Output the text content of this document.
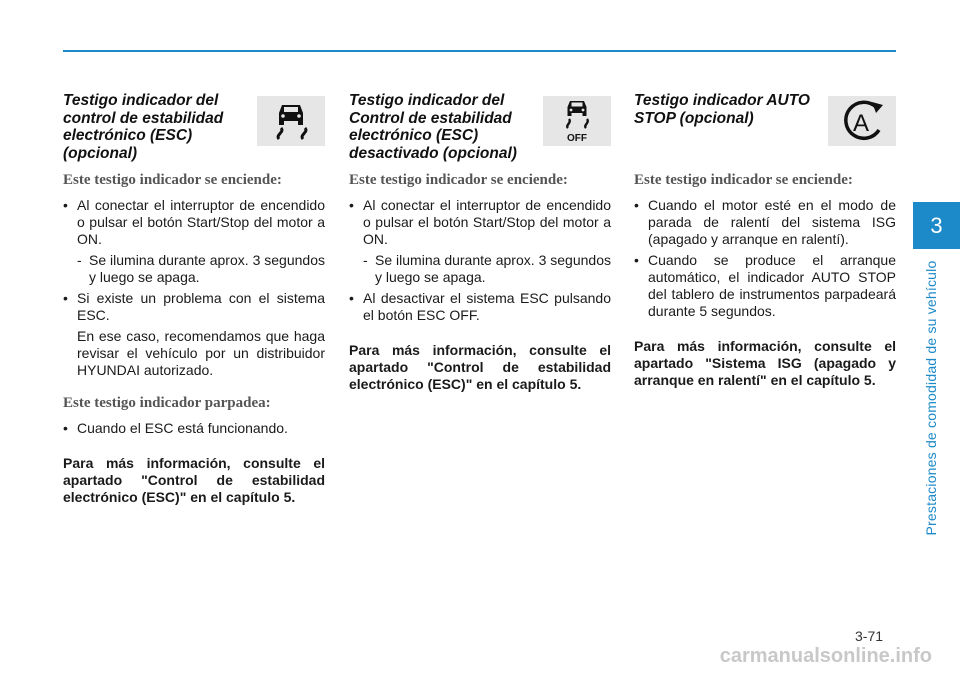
Testigo indicador del control de estabilidad electrónico (ESC) (opcional)
Este testigo indicador se enciende:
• Al conectar el interruptor de encendido o pulsar el botón Start/Stop del motor a ON.
- Se ilumina durante aprox. 3 segundos y luego se apaga.
• Si existe un problema con el sistema ESC.
En ese caso, recomendamos que haga revisar el vehículo por un distribuidor HYUNDAI autorizado.
Este testigo indicador parpadea:
• Cuando el ESC está funcionando.
Para más información, consulte el apartado "Control de estabilidad electrónico (ESC)" en el capítulo 5.
Testigo indicador del Control de estabilidad electrónico (ESC) desactivado (opcional)
OFF
Este testigo indicador se enciende:
• Al conectar el interruptor de encendido o pulsar el botón Start/Stop del motor a ON.
- Se ilumina durante aprox. 3 segundos y luego se apaga.
• Al desactivar el sistema ESC pulsando el botón ESC OFF.
Para más información, consulte el apartado "Control de estabilidad electrónico (ESC)" en el capítulo 5.
Testigo indicador AUTO STOP (opcional)	A
Este testigo indicador se enciende:
• Cuando el motor esté en el modo de parada de ralentí del sistema ISG (apagado y arranque en ralentí).
• Cuando se produce el arranque automático, el indicador AUTO STOP del tablero de instrumentos parpadeará durante 5 segundos.
Para más información, consulte el apartado "Sistema ISG (apagado y arranque en ralentí" en el capítulo 5.
3
Prestaciones de comodidad de su vehículo
3-71
carmanualsonline.info
